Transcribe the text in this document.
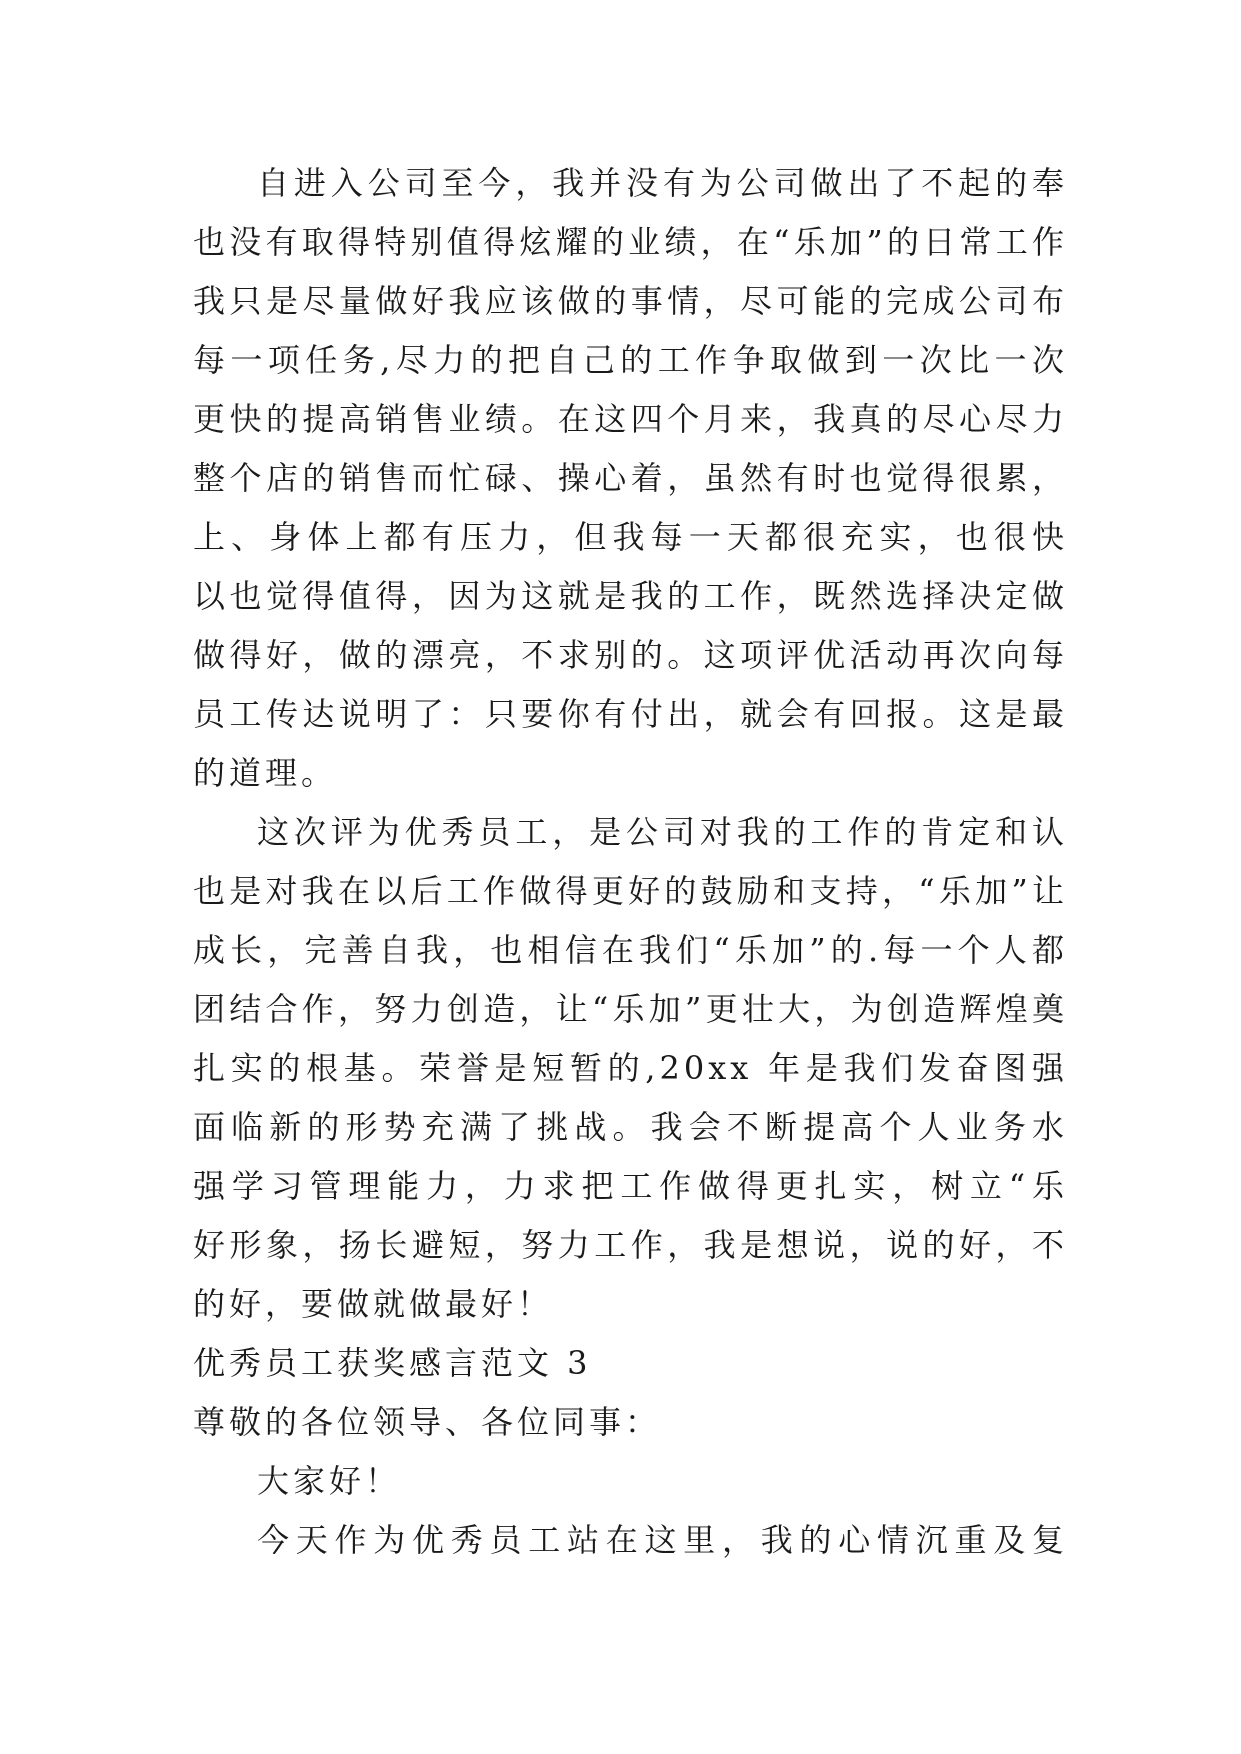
自进入公司至今，我并没有为公司做出了不起的奉
也没有取得特别值得炫耀的业绩，在“乐加”的日常工作
我只是尽量做好我应该做的事情，尽可能的完成公司布
每一项任务,尽力的把自己的工作争取做到一次比一次
更快的提高销售业绩。在这四个月来，我真的尽心尽力
整个店的销售而忙碌、操心着，虽然有时也觉得很累，
上、身体上都有压力，但我每一天都很充实，也很快
以也觉得值得，因为这就是我的工作，既然选择决定做
做得好，做的漂亮，不求别的。这项评优活动再次向每
员工传达说明了：只要你有付出，就会有回报。这是最
的道理。
这次评为优秀员工，是公司对我的工作的肯定和认
也是对我在以后工作做得更好的鼓励和支持，“乐加”让
成长，完善自我，也相信在我们“乐加”的.每一个人都
团结合作，努力创造，让“乐加”更壮大，为创造辉煌奠
扎实的根基。荣誉是短暂的,20xx 年是我们发奋图强
面临新的形势充满了挑战。我会不断提高个人业务水
强学习管理能力，力求把工作做得更扎实，树立“乐
好形象，扬长避短，努力工作，我是想说，说的好，不
的好，要做就做最好！
优秀员工获奖感言范文 3
尊敬的各位领导、各位同事：
大家好！
今天作为优秀员工站在这里，我的心情沉重及复
